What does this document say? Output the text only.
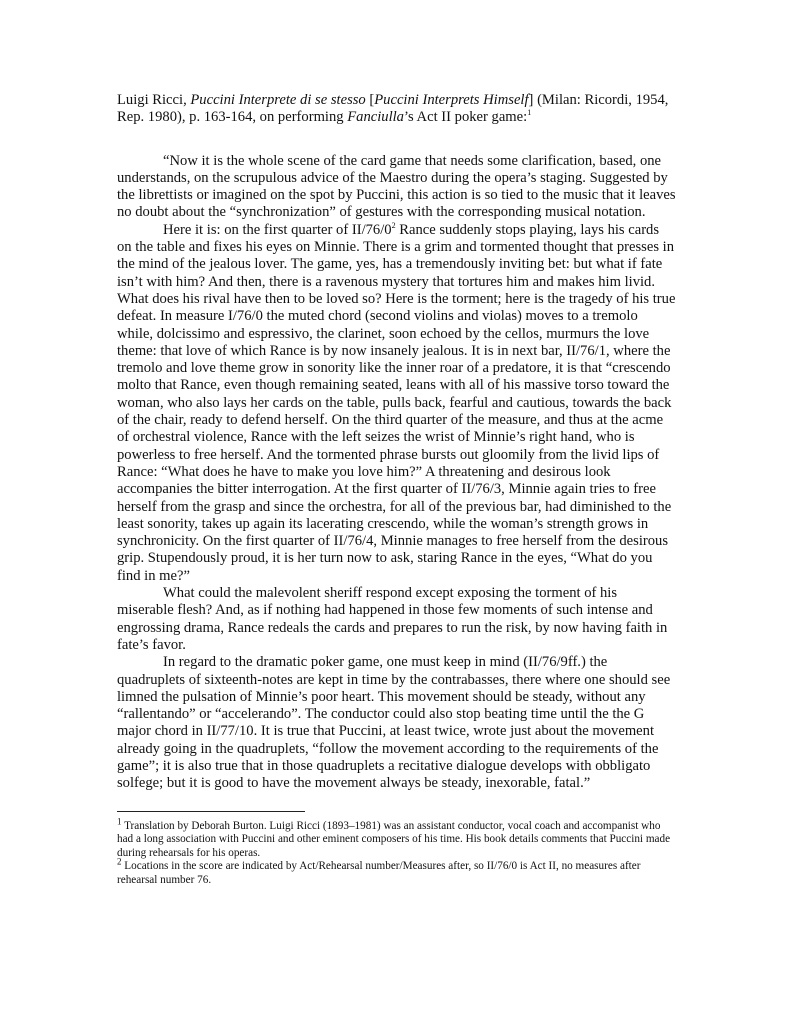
Luigi Ricci, Puccini Interprete di se stesso [Puccini Interprets Himself] (Milan: Ricordi, 1954, Rep. 1980), p. 163-164, on performing Fanciulla’s Act II poker game:$^1$

“Now it is the whole scene of the card game that needs some clarification, based, one understands, on the scrupulous advice of the Maestro during the opera’s staging. Suggested by the librettists or imagined on the spot by Puccini, this action is so tied to the music that it leaves no doubt about the “synchronization” of gestures with the corresponding musical notation.

Here it is: on the first quarter of $II/76/0^2$ Rance suddenly stops playing, lays his cards on the table and fixes his eyes on Minnie. There is a grim and tormented thought that presses in the mind of the jealous lover. The game, yes, has a tremendously inviting bet: but what if fate isn’t with him? And then, there is a ravenous mystery that tortures him and makes him livid. What does his rival have then to be loved so? Here is the torment; here is the tragedy of his true defeat. In measure I/76/0 the muted chord (second violins and violas) moves to a tremolo while, dolcissimo and espressivo, the clarinet, soon echoed by the cellos, murmurs the love theme: that love of which Rance is by now insanely jealous. It is in next bar, II/76/1, where the tremolo and love theme grow in sonority like the inner roar of a predatore, it is that “crescendo molto that Rance, even though remaining seated, leans with all of his massive torso toward the woman, who also lays her cards on the table, pulls back, fearful and cautious, towards the back of the chair, ready to defend herself. On the third quarter of the measure, and thus at the acme of orchestral violence, Rance with the left seizes the wrist of Minnie’s right hand, who is powerless to free herself. And the tormented phrase bursts out gloomily from the livid lips of Rance: “What does he have to make you love him?” A threatening and desirous look accompanies the bitter interrogation. At the first quarter of II/76/3, Minnie again tries to free herself from the grasp and since the orchestra, for all of the previous bar, had diminished to the least sonority, takes up again its lacerating crescendo, while the woman’s strength grows in synchronicity. On the first quarter of II/76/4, Minnie manages to free herself from the desirous grip. Stupendously proud, it is her turn now to ask, staring Rance in the eyes, “What do you find in me?”

What could the malevolent sheriff respond except exposing the torment of his miserable flesh? And, as if nothing had happened in those few moments of such intense and engrossing drama, Rance redeals the cards and prepares to run the risk, by now having faith in fate’s favor.

In regard to the dramatic poker game, one must keep in mind (II/76/9ff.) the quadruplets of sixteenth-notes are kept in time by the contrabasses, there where one should see limned the pulsation of Minnie’s poor heart. This movement should be steady, without any “rallentando” or “accelerando”. The conductor could also stop beating time until the the G major chord in II/77/10. It is true that Puccini, at least twice, wrote just about the movement already going in the quadruplets, “follow the movement according to the requirements of the game”; it is also true that in those quadruplets a recitative dialogue develops with obbligato solfege; but it is good to have the movement always be steady, inexorable, fatal.”

$^1$ Translation by Deborah Burton. Luigi Ricci (1893–1981) was an assistant conductor, vocal coach and accompanist who had a long association with Puccini and other eminent composers of his time. His book details comments that Puccini made during rehearsals for his operas.

$^2$ Locations in the score are indicated by Act/Rehearsal number/Measures after, so II/76/0 is Act II, no measures after rehearsal number 76.
